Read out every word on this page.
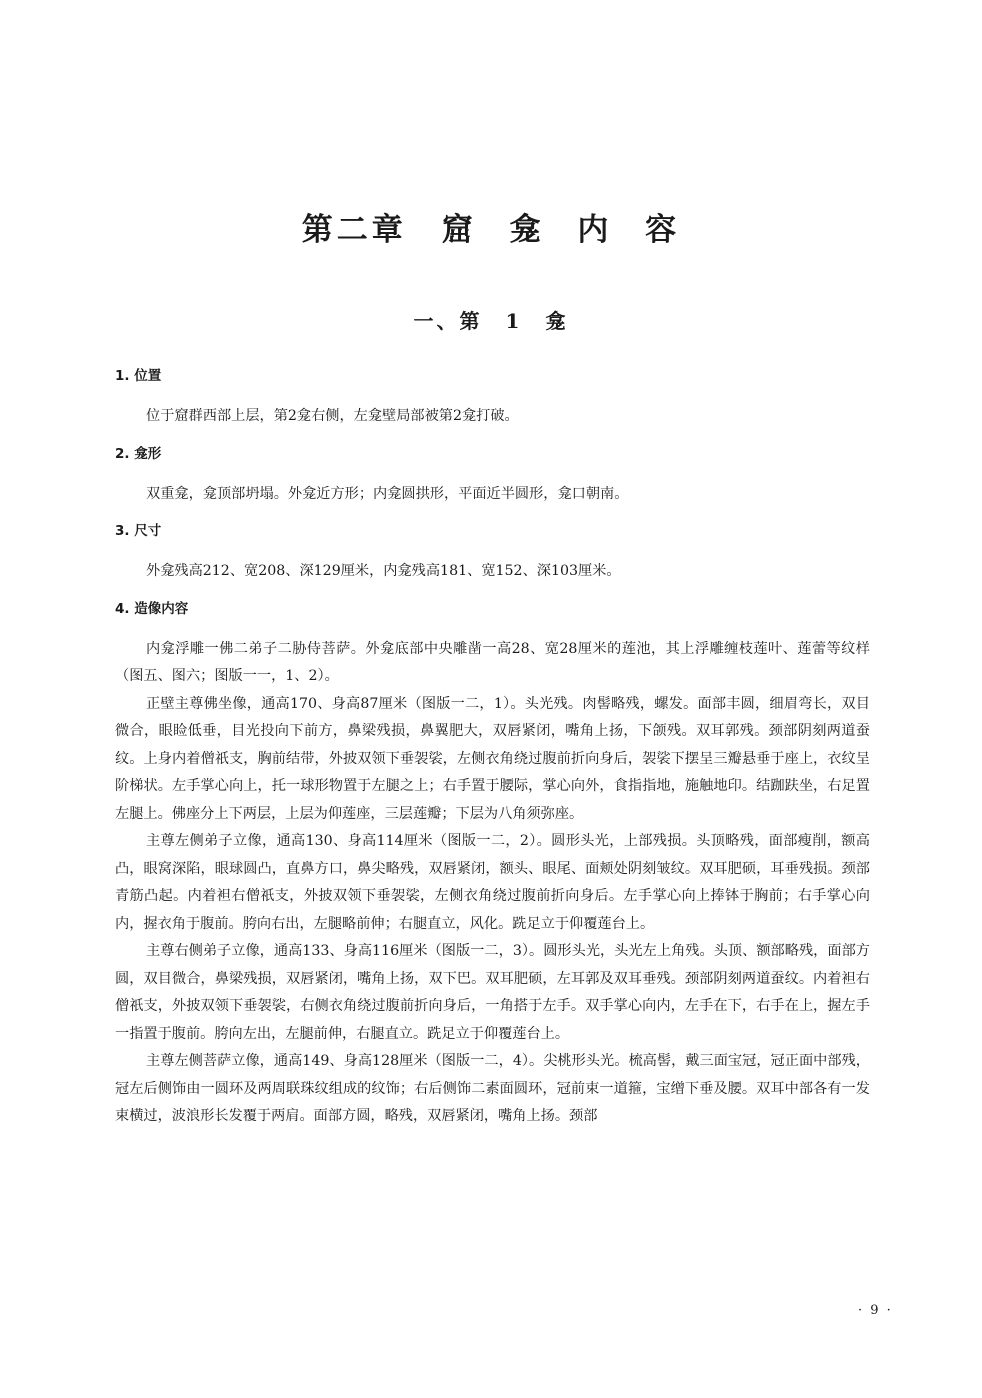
第二章　窟 龛 内 容
一、第　1　龛
1. 位置

位于窟群西部上层，第2龛右侧，左龛壁局部被第2龛打破。

2. 龛形

双重龛，龛顶部坍塌。外龛近方形；内龛圆拱形，平面近半圆形，龛口朝南。

3. 尺寸

外龛残高212、宽208、深129厘米，内龛残高181、宽152、深103厘米。

4. 造像内容

内龛浮雕一佛二弟子二胁侍菩萨。外龛底部中央雕凿一高28、宽28厘米的莲池，其上浮雕缠枝莲叶、莲蕾等纹样（图五、图六；图版一一，1、2）。

正壁主尊佛坐像，通高170、身高87厘米（图版一二，1）。头光残。肉髻略残，螺发。面部丰圆，细眉弯长，双目微合，眼睑低垂，目光投向下前方，鼻梁残损，鼻翼肥大，双唇紧闭，嘴角上扬，下颌残。双耳郭残。颈部阴刻两道蚕纹。上身内着僧祇支，胸前结带，外披双领下垂袈裟，左侧衣角绕过腹前折向身后，袈裟下摆呈三瓣悬垂于座上，衣纹呈阶梯状。左手掌心向上，托一球形物置于左腿之上；右手置于腰际，掌心向外，食指指地，施触地印。结跏趺坐，右足置左腿上。佛座分上下两层，上层为仰莲座，三层莲瓣；下层为八角须弥座。

主尊左侧弟子立像，通高130、身高114厘米（图版一二，2）。圆形头光，上部残损。头顶略残，面部瘦削，额高凸，眼窝深陷，眼球圆凸，直鼻方口，鼻尖略残，双唇紧闭，额头、眼尾、面颊处阴刻皱纹。双耳肥硕，耳垂残损。颈部青筋凸起。内着袒右僧祇支，外披双领下垂袈裟，左侧衣角绕过腹前折向身后。左手掌心向上捧钵于胸前；右手掌心向内，握衣角于腹前。胯向右出，左腿略前伸；右腿直立，风化。跣足立于仰覆莲台上。

主尊右侧弟子立像，通高133、身高116厘米（图版一二，3）。圆形头光，头光左上角残。头顶、额部略残，面部方圆，双目微合，鼻梁残损，双唇紧闭，嘴角上扬，双下巴。双耳肥硕，左耳郭及双耳垂残。颈部阴刻两道蚕纹。内着袒右僧祇支，外披双领下垂袈裟，右侧衣角绕过腹前折向身后，一角搭于左手。双手掌心向内，左手在下，右手在上，握左手一指置于腹前。胯向左出，左腿前伸，右腿直立。跣足立于仰覆莲台上。

主尊左侧菩萨立像，通高149、身高128厘米（图版一二，4）。尖桃形头光。梳高髻，戴三面宝冠，冠正面中部残，冠左后侧饰由一圆环及两周联珠纹组成的纹饰；右后侧饰二素面圆环，冠前束一道箍，宝缯下垂及腰。双耳中部各有一发束横过，波浪形长发覆于两肩。面部方圆，略残，双唇紧闭，嘴角上扬。颈部

· 9 ·
